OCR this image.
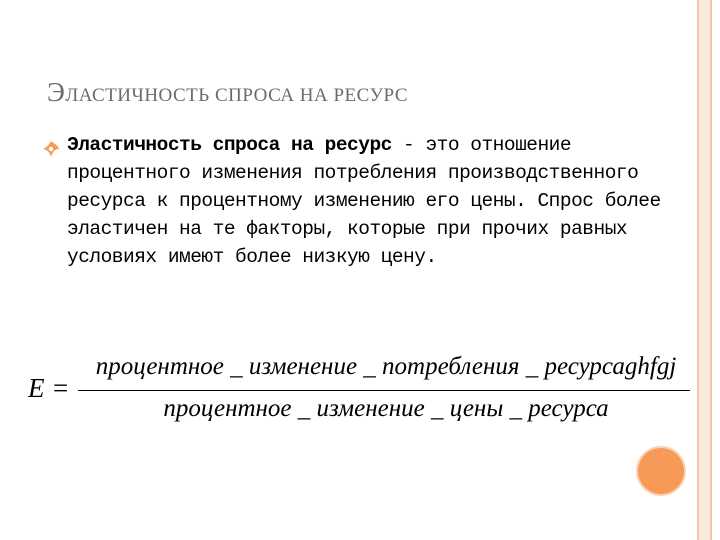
ЭЛАСТИЧНОСТЬ СПРОСА НА РЕСУРС
Эластичность спроса на ресурс - это отношение процентного изменения потребления производственного ресурса к процентному изменению его цены. Спрос более эластичен на те факторы, которые при прочих равных условиях имеют более низкую цену.
E =
процентное _ изменение _ потребления _ ресурсаghfgj
процентное _ изменение _ цены _ ресурса
